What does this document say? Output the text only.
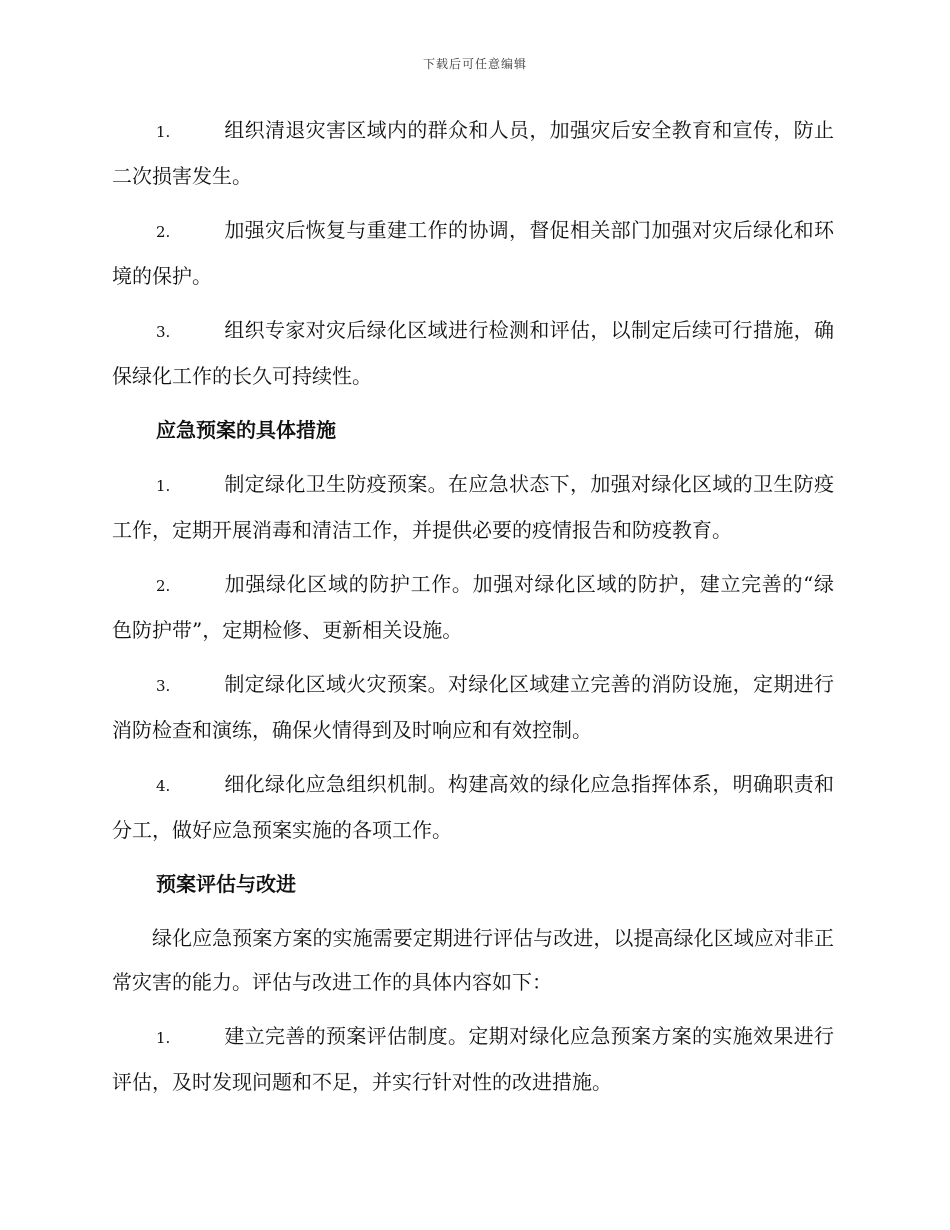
下载后可任意编辑

1.	组织清退灾害区域内的群众和人员，加强灾后安全教育和宣传，防止二次损害发生。

2.	加强灾后恢复与重建工作的协调，督促相关部门加强对灾后绿化和环境的保护。

3.	组织专家对灾后绿化区域进行检测和评估，以制定后续可行措施，确保绿化工作的长久可持续性。

应急预案的具体措施

1.	制定绿化卫生防疫预案。在应急状态下，加强对绿化区域的卫生防疫工作，定期开展消毒和清洁工作，并提供必要的疫情报告和防疫教育。

2.	加强绿化区域的防护工作。加强对绿化区域的防护，建立完善的“绿色防护带”，定期检修、更新相关设施。

3.	制定绿化区域火灾预案。对绿化区域建立完善的消防设施，定期进行消防检查和演练，确保火情得到及时响应和有效控制。

4.	细化绿化应急组织机制。构建高效的绿化应急指挥体系，明确职责和分工，做好应急预案实施的各项工作。

预案评估与改进

绿化应急预案方案的实施需要定期进行评估与改进，以提高绿化区域应对非正常灾害的能力。评估与改进工作的具体内容如下：

1.	建立完善的预案评估制度。定期对绿化应急预案方案的实施效果进行评估，及时发现问题和不足，并实行针对性的改进措施。
